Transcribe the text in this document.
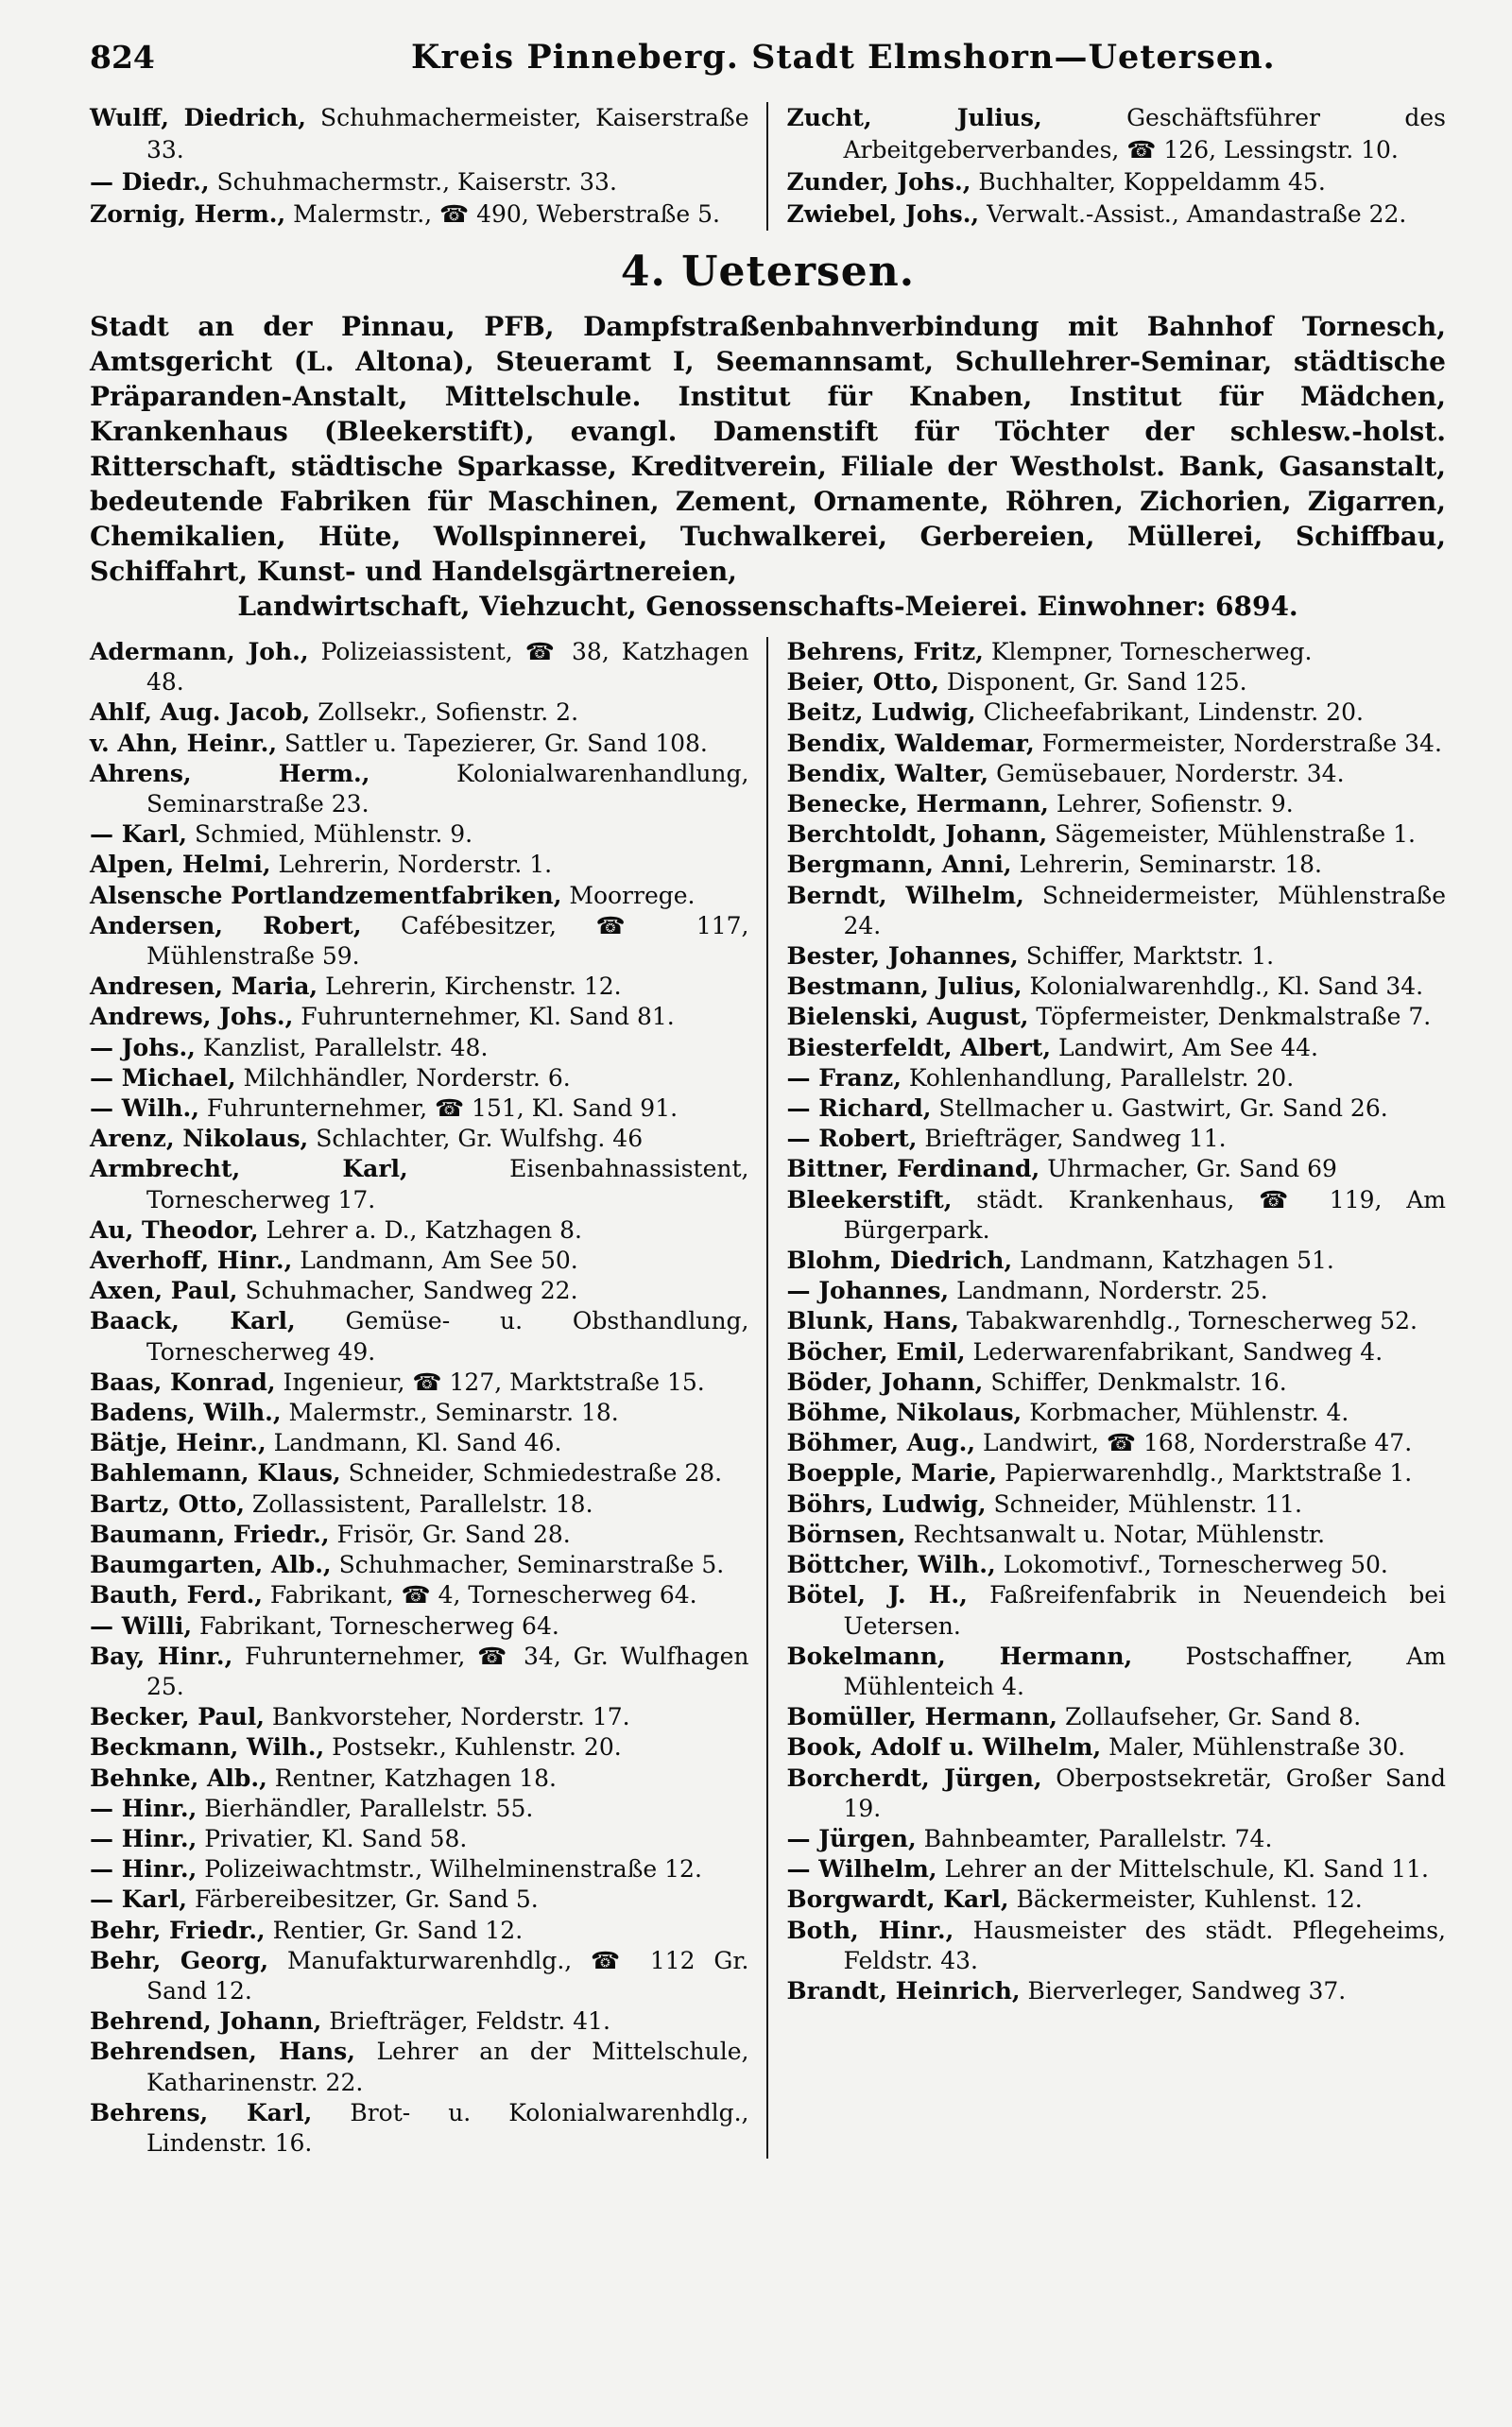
824	Kreis Pinneberg. Stadt Elmshorn—Uetersen.
Wulff, Diedrich, Schuhmachermeister, Kaiserstraße 33.
— Diedr., Schuhmachermstr., Kaiserstr. 33.
Zornig, Herm., Malermstr., ☎ 490, Weberstraße 5.
Zucht, Julius, Geschäftsführer des Arbeitgeberverbandes, ☎ 126, Lessingstr. 10.
Zunder, Johs., Buchhalter, Koppeldamm 45.
Zwiebel, Johs., Verwalt.-Assist., Amandastraße 22.
4. Uetersen.
Stadt an der Pinnau, PFB, Dampfstraßenbahnverbindung mit Bahnhof Tornesch, Amtsgericht (L. Altona), Steueramt I, Seemannsamt, Schullehrer-Seminar, städtische Präparanden-Anstalt, Mittelschule. Institut für Knaben, Institut für Mädchen, Krankenhaus (Bleekerstift), evangl. Damenstift für Töchter der schlesw.-holst. Ritterschaft, städtische Sparkasse, Kreditverein, Filiale der Westholst. Bank, Gasanstalt, bedeutende Fabriken für Maschinen, Zement, Ornamente, Röhren, Zichorien, Zigarren, Chemikalien, Hüte, Wollspinnerei, Tuchwalkerei, Gerbereien, Müllerei, Schiffbau, Schiffahrt, Kunst- und Handelsgärtnereien,
Landwirtschaft, Viehzucht, Genossenschafts-Meierei. Einwohner: 6894.
Adermann, Joh., Polizeiassistent, ☎ 38, Katzhagen 48.
Ahlf, Aug. Jacob, Zollsekr., Sofienstr. 2.
v. Ahn, Heinr., Sattler u. Tapezierer, Gr. Sand 108.
Ahrens, Herm., Kolonialwarenhandlung, Seminarstraße 23.
— Karl, Schmied, Mühlenstr. 9.
Alpen, Helmi, Lehrerin, Norderstr. 1.
Alsensche Portlandzementfabriken, Moorrege.
Andersen, Robert, Cafébesitzer, ☎ 117, Mühlenstraße 59.
Andresen, Maria, Lehrerin, Kirchenstr. 12.
Andrews, Johs., Fuhrunternehmer, Kl. Sand 81.
— Johs., Kanzlist, Parallelstr. 48.
— Michael, Milchhändler, Norderstr. 6.
— Wilh., Fuhrunternehmer, ☎ 151, Kl. Sand 91.
Arenz, Nikolaus, Schlachter, Gr. Wulfshg. 46
Armbrecht, Karl, Eisenbahnassistent, Tornescherweg 17.
Au, Theodor, Lehrer a. D., Katzhagen 8.
Averhoff, Hinr., Landmann, Am See 50.
Axen, Paul, Schuhmacher, Sandweg 22.
Baack, Karl, Gemüse- u. Obsthandlung, Tornescherweg 49.
Baas, Konrad, Ingenieur, ☎ 127, Marktstraße 15.
Badens, Wilh., Malermstr., Seminarstr. 18.
Bätje, Heinr., Landmann, Kl. Sand 46.
Bahlemann, Klaus, Schneider, Schmiedestraße 28.
Bartz, Otto, Zollassistent, Parallelstr. 18.
Baumann, Friedr., Frisör, Gr. Sand 28.
Baumgarten, Alb., Schuhmacher, Seminarstraße 5.
Bauth, Ferd., Fabrikant, ☎ 4, Tornescherweg 64.
— Willi, Fabrikant, Tornescherweg 64.
Bay, Hinr., Fuhrunternehmer, ☎ 34, Gr. Wulfhagen 25.
Becker, Paul, Bankvorsteher, Norderstr. 17.
Beckmann, Wilh., Postsekr., Kuhlenstr. 20.
Behnke, Alb., Rentner, Katzhagen 18.
— Hinr., Bierhändler, Parallelstr. 55.
— Hinr., Privatier, Kl. Sand 58.
— Hinr., Polizeiwachtmstr., Wilhelminenstraße 12.
— Karl, Färbereibesitzer, Gr. Sand 5.
Behr, Friedr., Rentier, Gr. Sand 12.
Behr, Georg, Manufakturwarenhdlg., ☎ 112 Gr. Sand 12.
Behrend, Johann, Briefträger, Feldstr. 41.
Behrendsen, Hans, Lehrer an der Mittelschule, Katharinenstr. 22.
Behrens, Karl, Brot- u. Kolonialwarenhdlg., Lindenstr. 16.
Behrens, Fritz, Klempner, Tornescherweg.
Beier, Otto, Disponent, Gr. Sand 125.
Beitz, Ludwig, Clicheefabrikant, Lindenstr. 20.
Bendix, Waldemar, Formermeister, Norderstraße 34.
Bendix, Walter, Gemüsebauer, Norderstr. 34.
Benecke, Hermann, Lehrer, Sofienstr. 9.
Berchtoldt, Johann, Sägemeister, Mühlenstraße 1.
Bergmann, Anni, Lehrerin, Seminarstr. 18.
Berndt, Wilhelm, Schneidermeister, Mühlenstraße 24.
Bester, Johannes, Schiffer, Marktstr. 1.
Bestmann, Julius, Kolonialwarenhdlg., Kl. Sand 34.
Bielenski, August, Töpfermeister, Denkmalstraße 7.
Biesterfeldt, Albert, Landwirt, Am See 44.
— Franz, Kohlenhandlung, Parallelstr. 20.
— Richard, Stellmacher u. Gastwirt, Gr. Sand 26.
— Robert, Briefträger, Sandweg 11.
Bittner, Ferdinand, Uhrmacher, Gr. Sand 69
Bleekerstift, städt. Krankenhaus, ☎ 119, Am Bürgerpark.
Blohm, Diedrich, Landmann, Katzhagen 51.
— Johannes, Landmann, Norderstr. 25.
Blunk, Hans, Tabakwarenhdlg., Tornescherweg 52.
Böcher, Emil, Lederwarenfabrikant, Sandweg 4.
Böder, Johann, Schiffer, Denkmalstr. 16.
Böhme, Nikolaus, Korbmacher, Mühlenstr. 4.
Böhmer, Aug., Landwirt, ☎ 168, Norderstraße 47.
Boepple, Marie, Papierwarenhdlg., Marktstraße 1.
Böhrs, Ludwig, Schneider, Mühlenstr. 11.
Börnsen, Rechtsanwalt u. Notar, Mühlenstr.
Böttcher, Wilh., Lokomotivf., Tornescherweg 50.
Bötel, J. H., Faßreifenfabrik in Neuendeich bei Uetersen.
Bokelmann, Hermann, Postschaffner, Am Mühlenteich 4.
Bomüller, Hermann, Zollaufseher, Gr. Sand 8.
Book, Adolf u. Wilhelm, Maler, Mühlenstraße 30.
Borcherdt, Jürgen, Oberpostsekretär, Großer Sand 19.
— Jürgen, Bahnbeamter, Parallelstr. 74.
— Wilhelm, Lehrer an der Mittelschule, Kl. Sand 11.
Borgwardt, Karl, Bäckermeister, Kuhlenst. 12.
Both, Hinr., Hausmeister des städt. Pflegeheims, Feldstr. 43.
Brandt, Heinrich, Bierverleger, Sandweg 37.
